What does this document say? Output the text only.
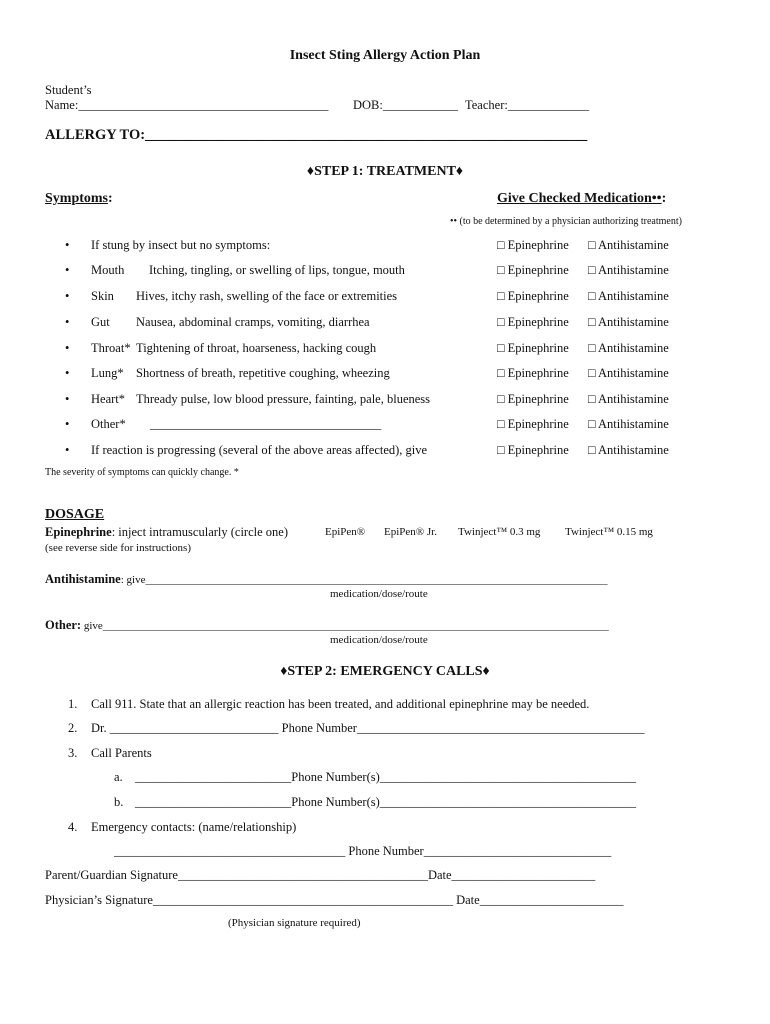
Insect Sting Allergy Action Plan
Student’s
Name:________________________________________ DOB:____________ Teacher:_____________
ALLERGY TO:_____________________________________________________________
♦STEP 1: TREATMENT♦
Symptoms:	Give Checked Medication••:
•• (to be determined by a physician authorizing treatment)
• If stung by insect but no symptoms:	□ Epinephrine □ Antihistamine
• Mouth Itching, tingling, or swelling of lips, tongue, mouth	□ Epinephrine □ Antihistamine
• Skin Hives, itchy rash, swelling of the face or extremities	□ Epinephrine □ Antihistamine
• Gut Nausea, abdominal cramps, vomiting, diarrhea	□ Epinephrine □ Antihistamine
• Throat* Tightening of throat, hoarseness, hacking cough	□ Epinephrine □ Antihistamine
• Lung* Shortness of breath, repetitive coughing, wheezing	□ Epinephrine □ Antihistamine
• Heart* Thready pulse, low blood pressure, fainting, pale, blueness	□ Epinephrine □ Antihistamine
• Other* _____________________________________	□ Epinephrine □ Antihistamine
• If reaction is progressing (several of the above areas affected), give	□ Epinephrine □ Antihistamine
The severity of symptoms can quickly change. *
DOSAGE
Epinephrine: inject intramuscularly (circle one)	EpiPen® EpiPen® Jr. Twinject™ 0.3 mg Twinject™ 0.15 mg
(see reverse side for instructions)
Antihistamine: give____________________________________________________________________________________
medication/dose/route
Other: give____________________________________________________________________________________________
medication/dose/route
♦STEP 2: EMERGENCY CALLS♦
1. Call 911. State that an allergic reaction has been treated, and additional epinephrine may be needed.
2. Dr. ___________________________ Phone Number______________________________________________
3. Call Parents
a. _________________________Phone Number(s)_________________________________________
b. _________________________Phone Number(s)_________________________________________
4. Emergency contacts: (name/relationship)
_____________________________________ Phone Number______________________________
Parent/Guardian Signature________________________________________Date_______________________
Physician’s Signature________________________________________________ Date_______________________
(Physician signature required)
